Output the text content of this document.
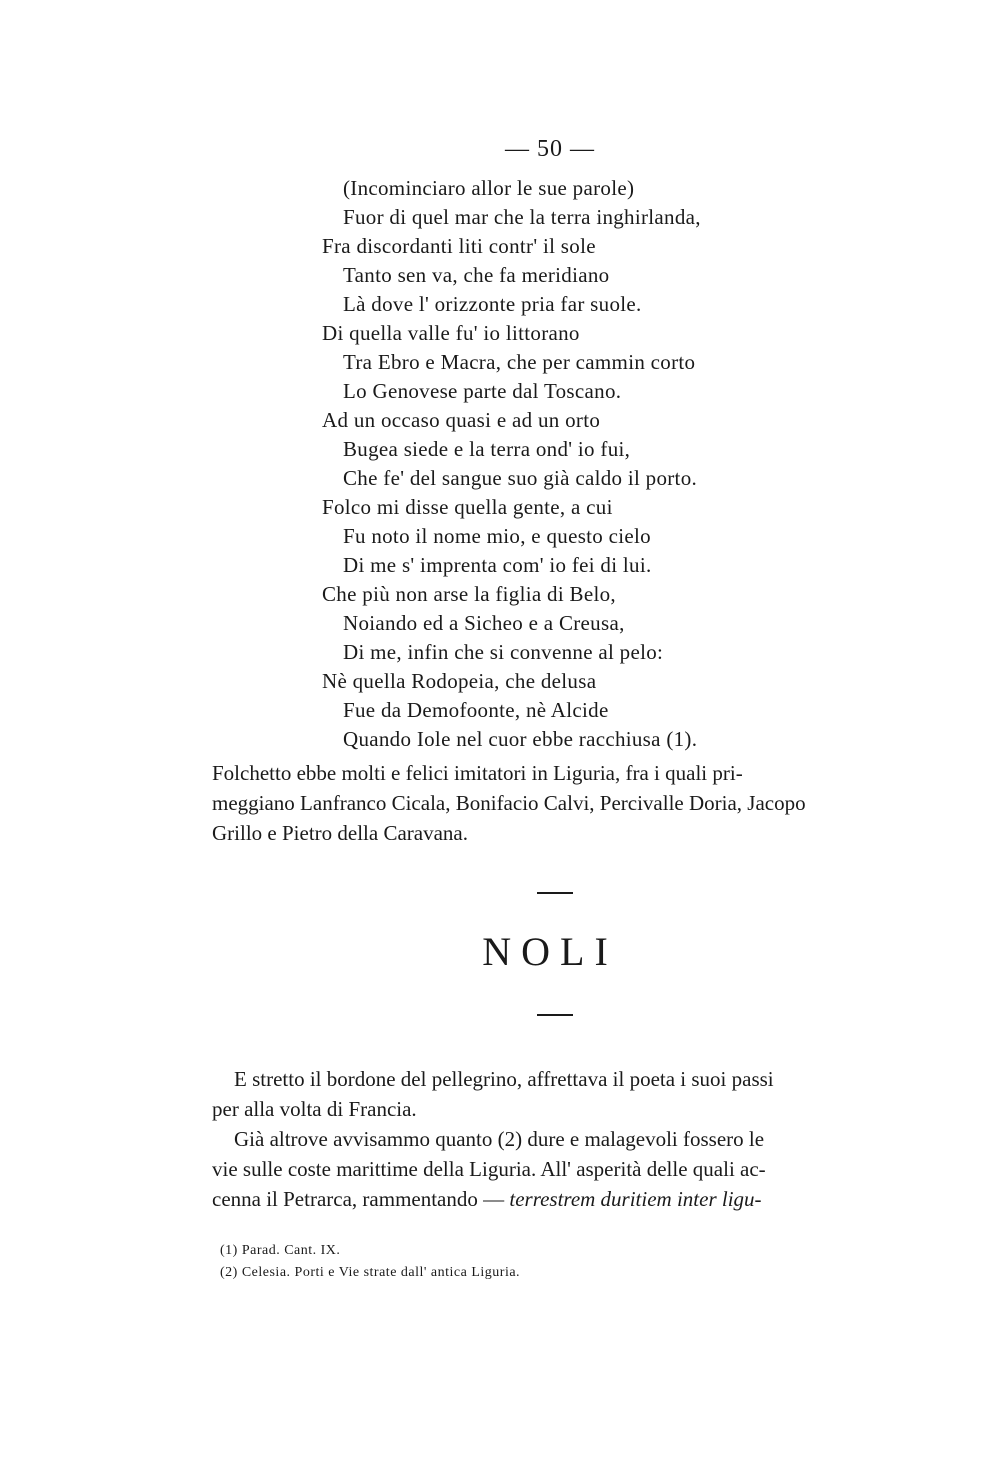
— 50 —
(Incominciaro allor le sue parole)
Fuor di quel mar che la terra inghirlanda,
Fra discordanti liti contr' il sole
Tanto sen va, che fa meridiano
Là dove l' orizzonte pria far suole.
Di quella valle fu' io littorano
Tra Ebro e Macra, che per cammin corto
Lo Genovese parte dal Toscano.
Ad un occaso quasi e ad un orto
Bugea siede e la terra ond' io fui,
Che fe' del sangue suo già caldo il porto.
Folco mi disse quella gente, a cui
Fu noto il nome mio, e questo cielo
Di me s' imprenta com' io fei di lui.
Che più non arse la figlia di Belo,
Noiando ed a Sicheo e a Creusa,
Di me, infin che si convenne al pelo:
Nè quella Rodopeia, che delusa
Fue da Demofoonte, nè Alcide
Quando Iole nel cuor ebbe racchiusa (1).
Folchetto ebbe molti e felici imitatori in Liguria, fra i quali pri-
meggiano Lanfranco Cicala, Bonifacio Calvi, Percivalle Doria, Jacopo
Grillo e Pietro della Caravana.
NOLI
E stretto il bordone del pellegrino, affrettava il poeta i suoi passi
per alla volta di Francia.
Già altrove avvisammo quanto (2) dure e malagevoli fossero le
vie sulle coste marittime della Liguria. All' asperità delle quali ac-
cenna il Petrarca, rammentando — terrestrem duritiem inter ligu-
(1) Parad. Cant. IX.
(2) Celesia. Porti e Vie strate dall' antica Liguria.
